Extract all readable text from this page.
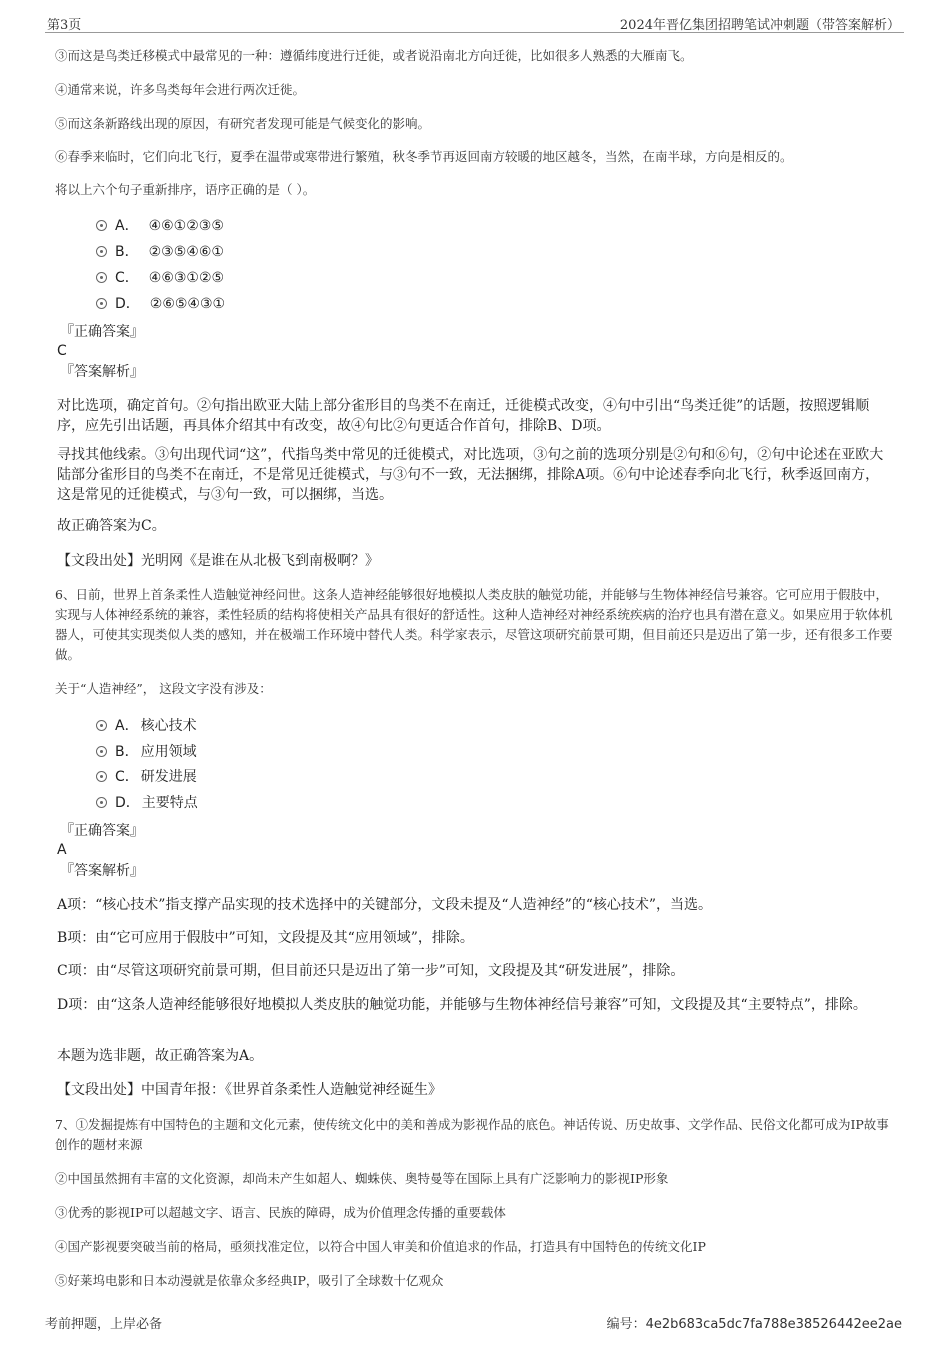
第3页	2024年晋亿集团招聘笔试冲刺题（带答案解析）
③而这是鸟类迁移模式中最常见的一种：遵循纬度进行迁徙，或者说沿南北方向迁徙，比如很多人熟悉的大雁南飞。
④通常来说，许多鸟类每年会进行两次迁徙。
⑤而这条新路线出现的原因，有研究者发现可能是气候变化的影响。
⑥春季来临时，它们向北飞行，夏季在温带或寒带进行繁殖，秋冬季节再返回南方较暖的地区越冬，当然，在南半球，方向是相反的。
将以上六个句子重新排序，语序正确的是（ ）。
A． ④⑥①②③⑤
B． ②③⑤④⑥①
C． ④⑥③①②⑤
D． ②⑥⑤④③①
『正确答案』
C
『答案解析』
对比选项，确定首句。②句指出欧亚大陆上部分雀形目的鸟类不在南迁，迁徙模式改变，④句中引出“鸟类迁徙”的话题，按照逻辑顺序，应先引出话题，再具体介绍其中有改变，故④句比②句更适合作首句，排除B、D项。
寻找其他线索。③句出现代词“这”，代指鸟类中常见的迁徙模式，对比选项，③句之前的选项分别是②句和⑥句，②句中论述在亚欧大陆部分雀形目的鸟类不在南迁，不是常见迁徙模式，与③句不一致，无法捆绑，排除A项。⑥句中论述春季向北飞行，秋季返回南方，这是常见的迁徙模式，与③句一致，可以捆绑，当选。
故正确答案为C。
【文段出处】光明网《是谁在从北极飞到南极啊？》
6、日前，世界上首条柔性人造触觉神经问世。这条人造神经能够很好地模拟人类皮肤的触觉功能，并能够与生物体神经信号兼容。它可应用于假肢中，实现与人体神经系统的兼容，柔性轻质的结构将使相关产品具有很好的舒适性。这种人造神经对神经系统疾病的治疗也具有潜在意义。如果应用于软体机器人，可使其实现类似人类的感知，并在极端工作环境中替代人类。科学家表示，尽管这项研究前景可期，但目前还只是迈出了第一步，还有很多工作要做。
关于“人造神经”， 这段文字没有涉及：
A． 核心技术
B． 应用领域
C． 研发进展
D． 主要特点
『正确答案』
A
『答案解析』
A项：“核心技术”指支撑产品实现的技术选择中的关键部分，文段未提及“人造神经”的“核心技术”，当选。
B项：由“它可应用于假肢中”可知，文段提及其“应用领域”，排除。
C项：由“尽管这项研究前景可期，但目前还只是迈出了第一步”可知，文段提及其“研发进展”，排除。
D项：由“这条人造神经能够很好地模拟人类皮肤的触觉功能，并能够与生物体神经信号兼容”可知，文段提及其“主要特点”，排除。
本题为选非题，故正确答案为A。
【文段出处】中国青年报：《世界首条柔性人造触觉神经诞生》
7、①发掘提炼有中国特色的主题和文化元素，使传统文化中的美和善成为影视作品的底色。神话传说、历史故事、文学作品、民俗文化都可成为IP故事创作的题材来源
②中国虽然拥有丰富的文化资源，却尚未产生如超人、蜘蛛侠、奥特曼等在国际上具有广泛影响力的影视IP形象
③优秀的影视IP可以超越文字、语言、民族的障碍，成为价值理念传播的重要载体
④国产影视要突破当前的格局，亟须找准定位，以符合中国人审美和价值追求的作品，打造具有中国特色的传统文化IP
⑤好莱坞电影和日本动漫就是依靠众多经典IP，吸引了全球数十亿观众
考前押题，上岸必备	编号：4e2b683ca5dc7fa788e38526442ee2ae
